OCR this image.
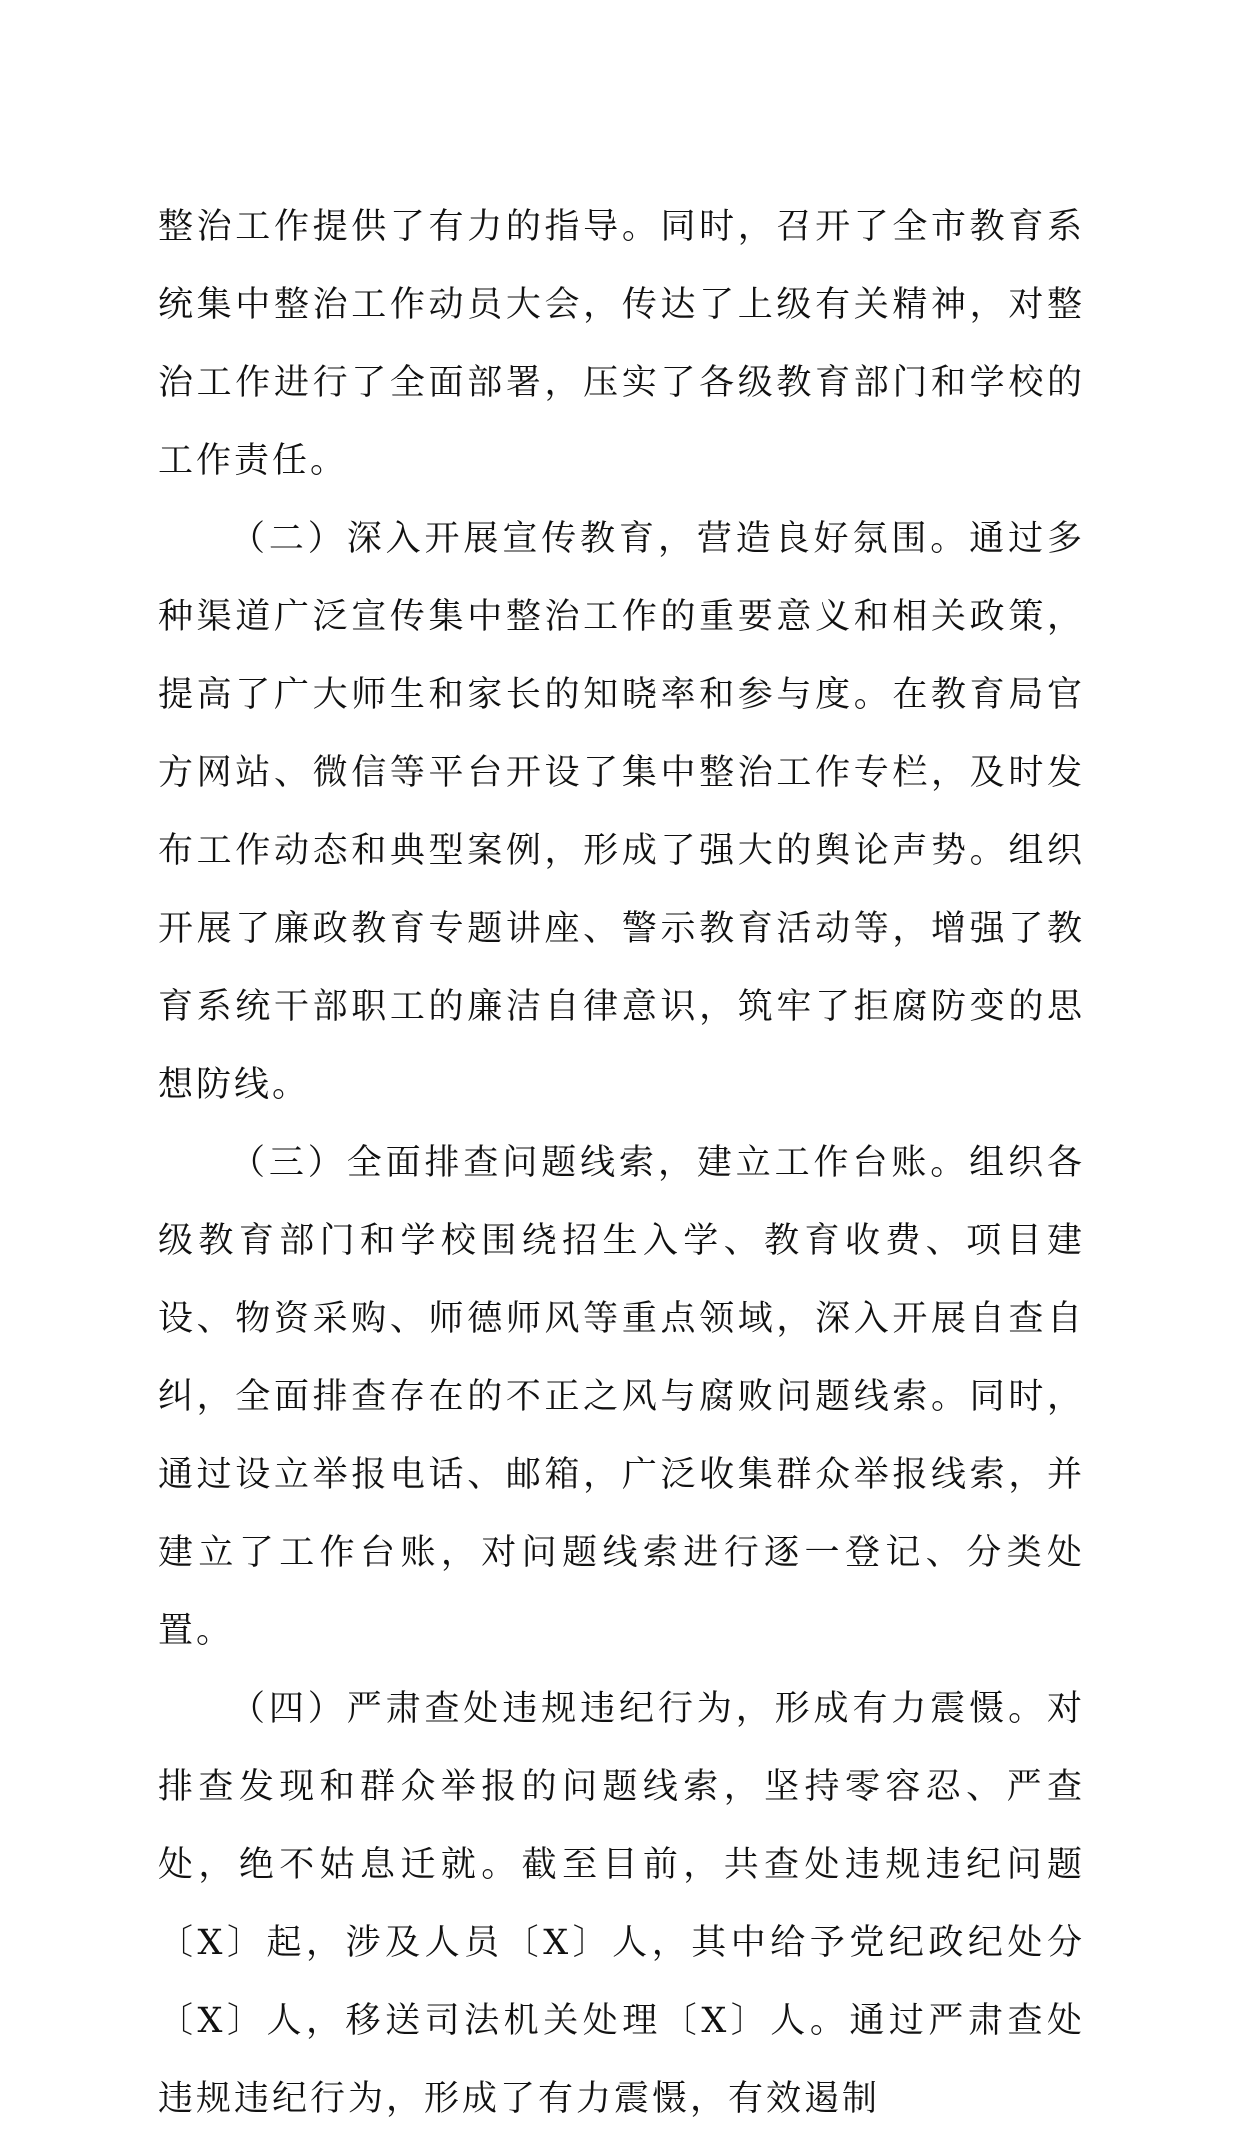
整治工作提供了有力的指导。同时，召开了全市教育系统集中整治工作动员大会，传达了上级有关精神，对整治工作进行了全面部署，压实了各级教育部门和学校的工作责任。

（二）深入开展宣传教育，营造良好氛围。通过多种渠道广泛宣传集中整治工作的重要意义和相关政策，提高了广大师生和家长的知晓率和参与度。在教育局官方网站、微信等平台开设了集中整治工作专栏，及时发布工作动态和典型案例，形成了强大的舆论声势。组织开展了廉政教育专题讲座、警示教育活动等，增强了教育系统干部职工的廉洁自律意识，筑牢了拒腐防变的思想防线。

（三）全面排查问题线索，建立工作台账。组织各级教育部门和学校围绕招生入学、教育收费、项目建设、物资采购、师德师风等重点领域，深入开展自查自纠，全面排查存在的不正之风与腐败问题线索。同时，通过设立举报电话、邮箱，广泛收集群众举报线索，并建立了工作台账，对问题线索进行逐一登记、分类处置。

（四）严肃查处违规违纪行为，形成有力震慑。对排查发现和群众举报的问题线索，坚持零容忍、严查处，绝不姑息迁就。截至目前，共查处违规违纪问题〔X〕起，涉及人员〔X〕人，其中给予党纪政纪处分〔X〕人，移送司法机关处理〔X〕人。通过严肃查处违规违纪行为，形成了有力震慑，有效遏制
